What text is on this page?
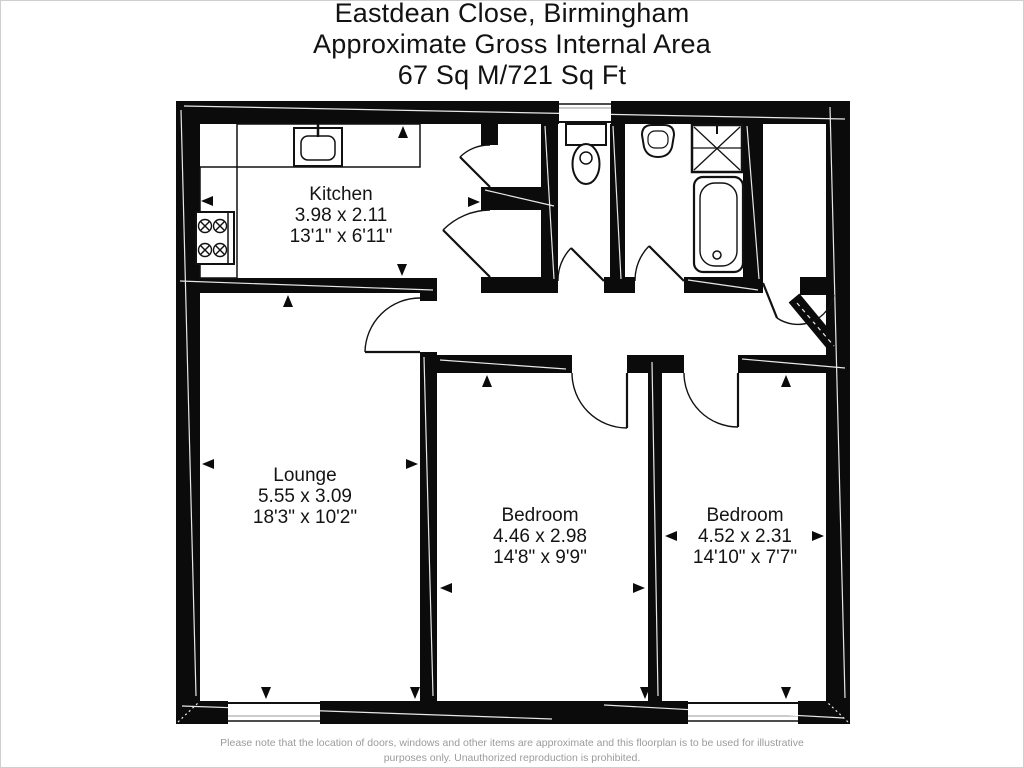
Eastdean Close, Birmingham
Approximate Gross Internal Area
67 Sq M/721 Sq Ft
Kitchen
3.98 x 2.11
13'1" x 6'11"
Lounge
5.55 x 3.09
18'3" x 10'2"	Bedroom
4.46 x 2.98
14'8" x 9'9"
Bedroom
4.52 x 2.31
14'10" x 7'7"
Please note that the location of doors, windows and other items are approximate and this floorplan is to be used for illustrative
purposes only. Unauthorized reproduction is prohibited.
